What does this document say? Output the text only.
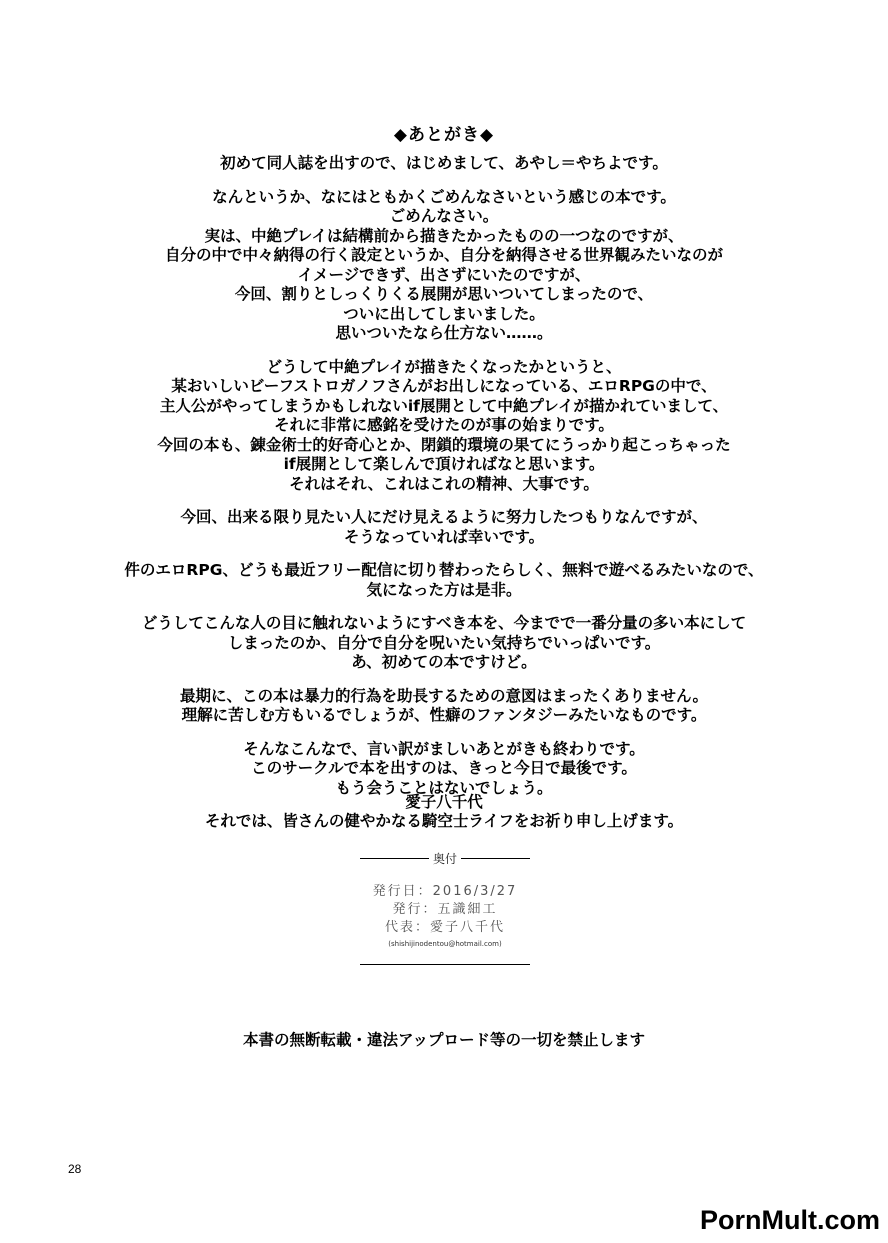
◆あとがき◆
初めて同人誌を出すので、はじめまして、あやし＝やちよです。
なんというか、なにはともかくごめんなさいという感じの本です。
ごめんなさい。
実は、中絶プレイは結構前から描きたかったものの一つなのですが、
自分の中で中々納得の行く設定というか、自分を納得させる世界観みたいなのが
イメージできず、出さずにいたのですが、
今回、割りとしっくりくる展開が思いついてしまったので、
ついに出してしまいました。
思いついたなら仕方ない……。
どうして中絶プレイが描きたくなったかというと、
某おいしいビーフストロガノフさんがお出しになっている、エロRPGの中で、
主人公がやってしまうかもしれないif展開として中絶プレイが描かれていまして、
それに非常に感銘を受けたのが事の始まりです。
今回の本も、錬金術士的好奇心とか、閉鎖的環境の果てにうっかり起こっちゃった
if展開として楽しんで頂ければなと思います。
それはそれ、これはこれの精神、大事です。
今回、出来る限り見たい人にだけ見えるように努力したつもりなんですが、
そうなっていれば幸いです。
件のエロRPG、どうも最近フリー配信に切り替わったらしく、無料で遊べるみたいなので、
気になった方は是非。
どうしてこんな人の目に触れないようにすべき本を、今までで一番分量の多い本にして
しまったのか、自分で自分を呪いたい気持ちでいっぱいです。
あ、初めての本ですけど。
最期に、この本は暴力的行為を助長するための意図はまったくありません。
理解に苦しむ方もいるでしょうが、性癖のファンタジーみたいなものです。
そんなこんなで、言い訳がましいあとがきも終わりです。
このサークルで本を出すのは、きっと今日で最後です。
もう会うことはないでしょう。
それでは、皆さんの健やかなる騎空士ライフをお祈り申し上げます。
愛子八千代
奥付
発行日：2016/3/27
発行：五識細工
代表：愛子八千代
(shishijinodentou@hotmail.com)
本書の無断転載・違法アップロード等の一切を禁止します
28
PornMult.com
